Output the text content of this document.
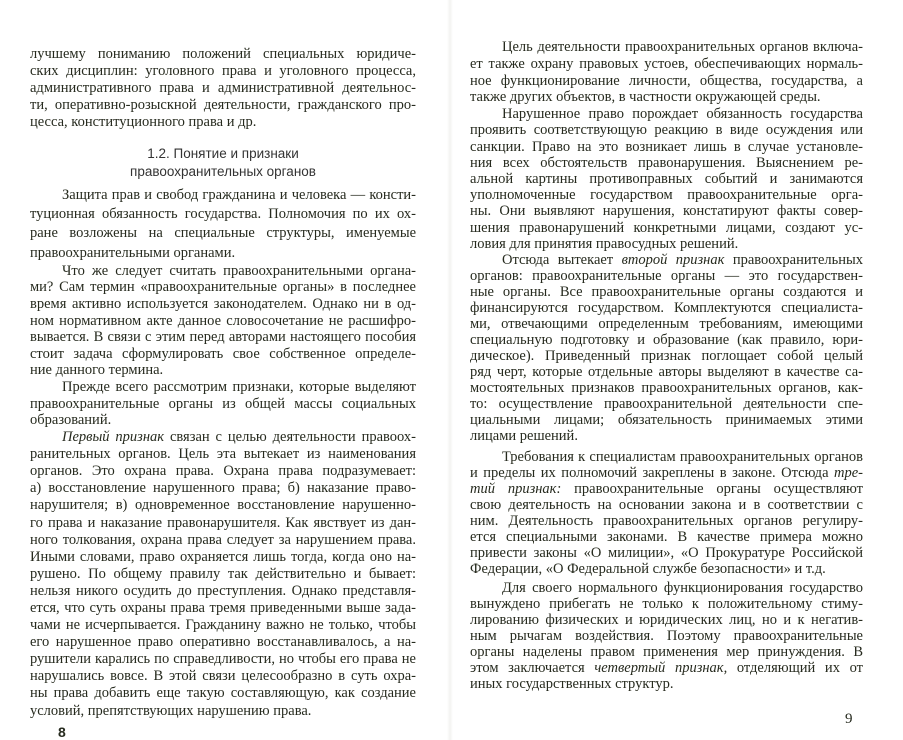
лучшему пониманию положений специальных юридиче-
ских дисциплин: уголовного права и уголовного процесса,
административного права и административной деятельнос-
ти, оперативно-розыскной деятельности, гражданского про-
цесса, конституционного права и др.
1.2. Понятие и признаки
правоохранительных органов
Защита прав и свобод гражданина и человека — консти-
туционная обязанность государства. Полномочия по их ох-
ране возложены на специальные структуры, именуемые
правоохранительными органами.
Что же следует считать правоохранительными органа-
ми? Сам термин «правоохранительные органы» в последнее
время активно используется законодателем. Однако ни в од-
ном нормативном акте данное словосочетание не расшифро-
вывается. В связи с этим перед авторами настоящего пособия
стоит задача сформулировать свое собственное определе-
ние данного термина.
Прежде всего рассмотрим признаки, которые выделяют
правоохранительные органы из общей массы социальных
образований.
Первый признак связан с целью деятельности правоох-
ранительных органов. Цель эта вытекает из наименования
органов. Это охрана права. Охрана права подразумевает:
а) восстановление нарушенного права; б) наказание право-
нарушителя; в) одновременное восстановление нарушенно-
го права и наказание правонарушителя. Как явствует из дан-
ного толкования, охрана права следует за нарушением права.
Иными словами, право охраняется лишь тогда, когда оно на-
рушено. По общему правилу так действительно и бывает:
нельзя никого осудить до преступления. Однако представля-
ется, что суть охраны права тремя приведенными выше зада-
чами не исчерпывается. Гражданину важно не только, чтобы
его нарушенное право оперативно восстанавливалось, а на-
рушители карались по справедливости, но чтобы его права не
нарушались вовсе. В этой связи целесообразно в суть охра-
ны права добавить еще такую составляющую, как создание
условий, препятствующих нарушению права.
8
Цель деятельности правоохранительных органов включа-
ет также охрану правовых устоев, обеспечивающих нормаль-
ное функционирование личности, общества, государства, а
также других объектов, в частности окружающей среды.
Нарушенное право порождает обязанность государства
проявить соответствующую реакцию в виде осуждения или
санкции. Право на это возникает лишь в случае установле-
ния всех обстоятельств правонарушения. Выяснением ре-
альной картины противоправных событий и занимаются
уполномоченные государством правоохранительные орга-
ны. Они выявляют нарушения, констатируют факты совер-
шения правонарушений конкретными лицами, создают ус-
ловия для принятия правосудных решений.
Отсюда вытекает второй признак правоохранительных
органов: правоохранительные органы — это государствен-
ные органы. Все правоохранительные органы создаются и
финансируются государством. Комплектуются специалиста-
ми, отвечающими определенным требованиям, имеющими
специальную подготовку и образование (как правило, юри-
дическое). Приведенный признак поглощает собой целый
ряд черт, которые отдельные авторы выделяют в качестве са-
мостоятельных признаков правоохранительных органов, как-
то: осуществление правоохранительной деятельности спе-
циальными лицами; обязательность принимаемых этими
лицами решений.
Требования к специалистам правоохранительных органов
и пределы их полномочий закреплены в законе. Отсюда тре-
тий признак: правоохранительные органы осуществляют
свою деятельность на основании закона и в соответствии с
ним. Деятельность правоохранительных органов регулиру-
ется специальными законами. В качестве примера можно
привести законы «О милиции», «О Прокуратуре Российской
Федерации, «О Федеральной службе безопасности» и т.д.
Для своего нормального функционирования государство
вынуждено прибегать не только к положительному стиму-
лированию физических и юридических лиц, но и к негатив-
ным рычагам воздействия. Поэтому правоохранительные
органы наделены правом применения мер принуждения. В
этом заключается четвертый признак, отделяющий их от
иных государственных структур.
9
